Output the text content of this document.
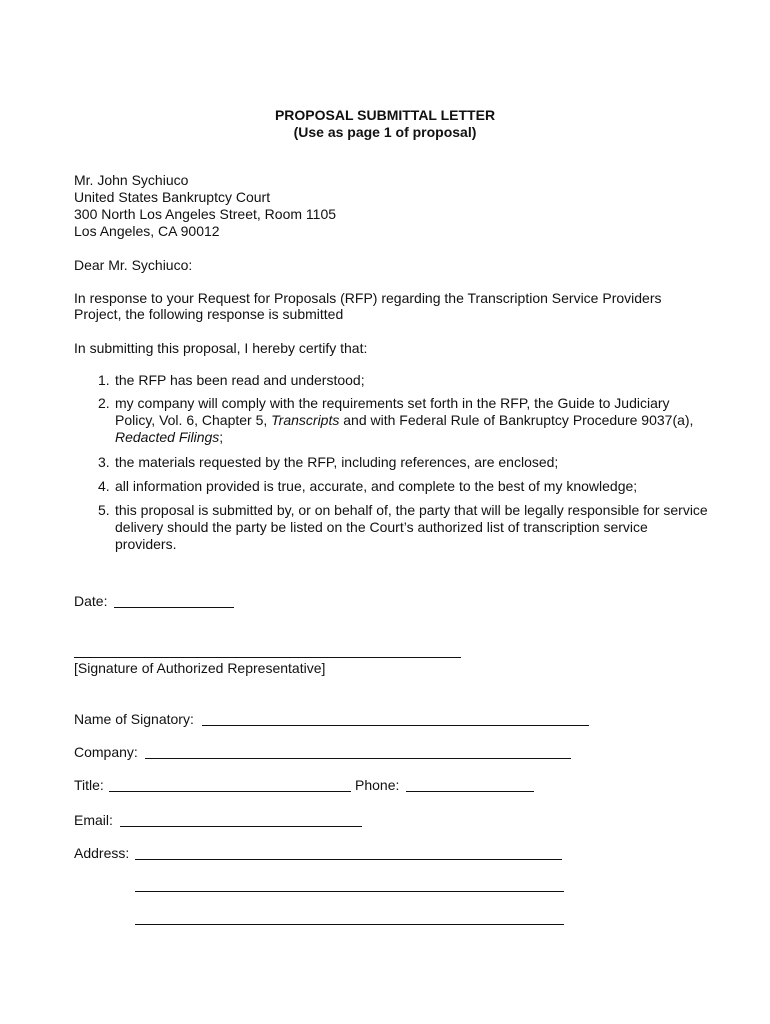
PROPOSAL SUBMITTAL LETTER
(Use as page 1 of proposal)
Mr. John Sychiuco
United States Bankruptcy Court
300 North Los Angeles Street, Room 1105
Los Angeles, CA 90012
Dear Mr. Sychiuco:
In response to your Request for Proposals (RFP) regarding the Transcription Service Providers
Project, the following response is submitted
In submitting this proposal, I hereby certify that:
1. the RFP has been read and understood;
2. my company will comply with the requirements set forth in the RFP, the Guide to Judiciary
Policy, Vol. 6, Chapter 5, Transcripts and with Federal Rule of Bankruptcy Procedure 9037(a),
Redacted Filings;
3. the materials requested by the RFP, including references, are enclosed;
4. all information provided is true, accurate, and complete to the best of my knowledge;
5. this proposal is submitted by, or on behalf of, the party that will be legally responsible for service
delivery should the party be listed on the Court’s authorized list of transcription service
providers.
Date:
[Signature of Authorized Representative]
Name of Signatory:
Company:
Title:	Phone:
Email:
Address:
